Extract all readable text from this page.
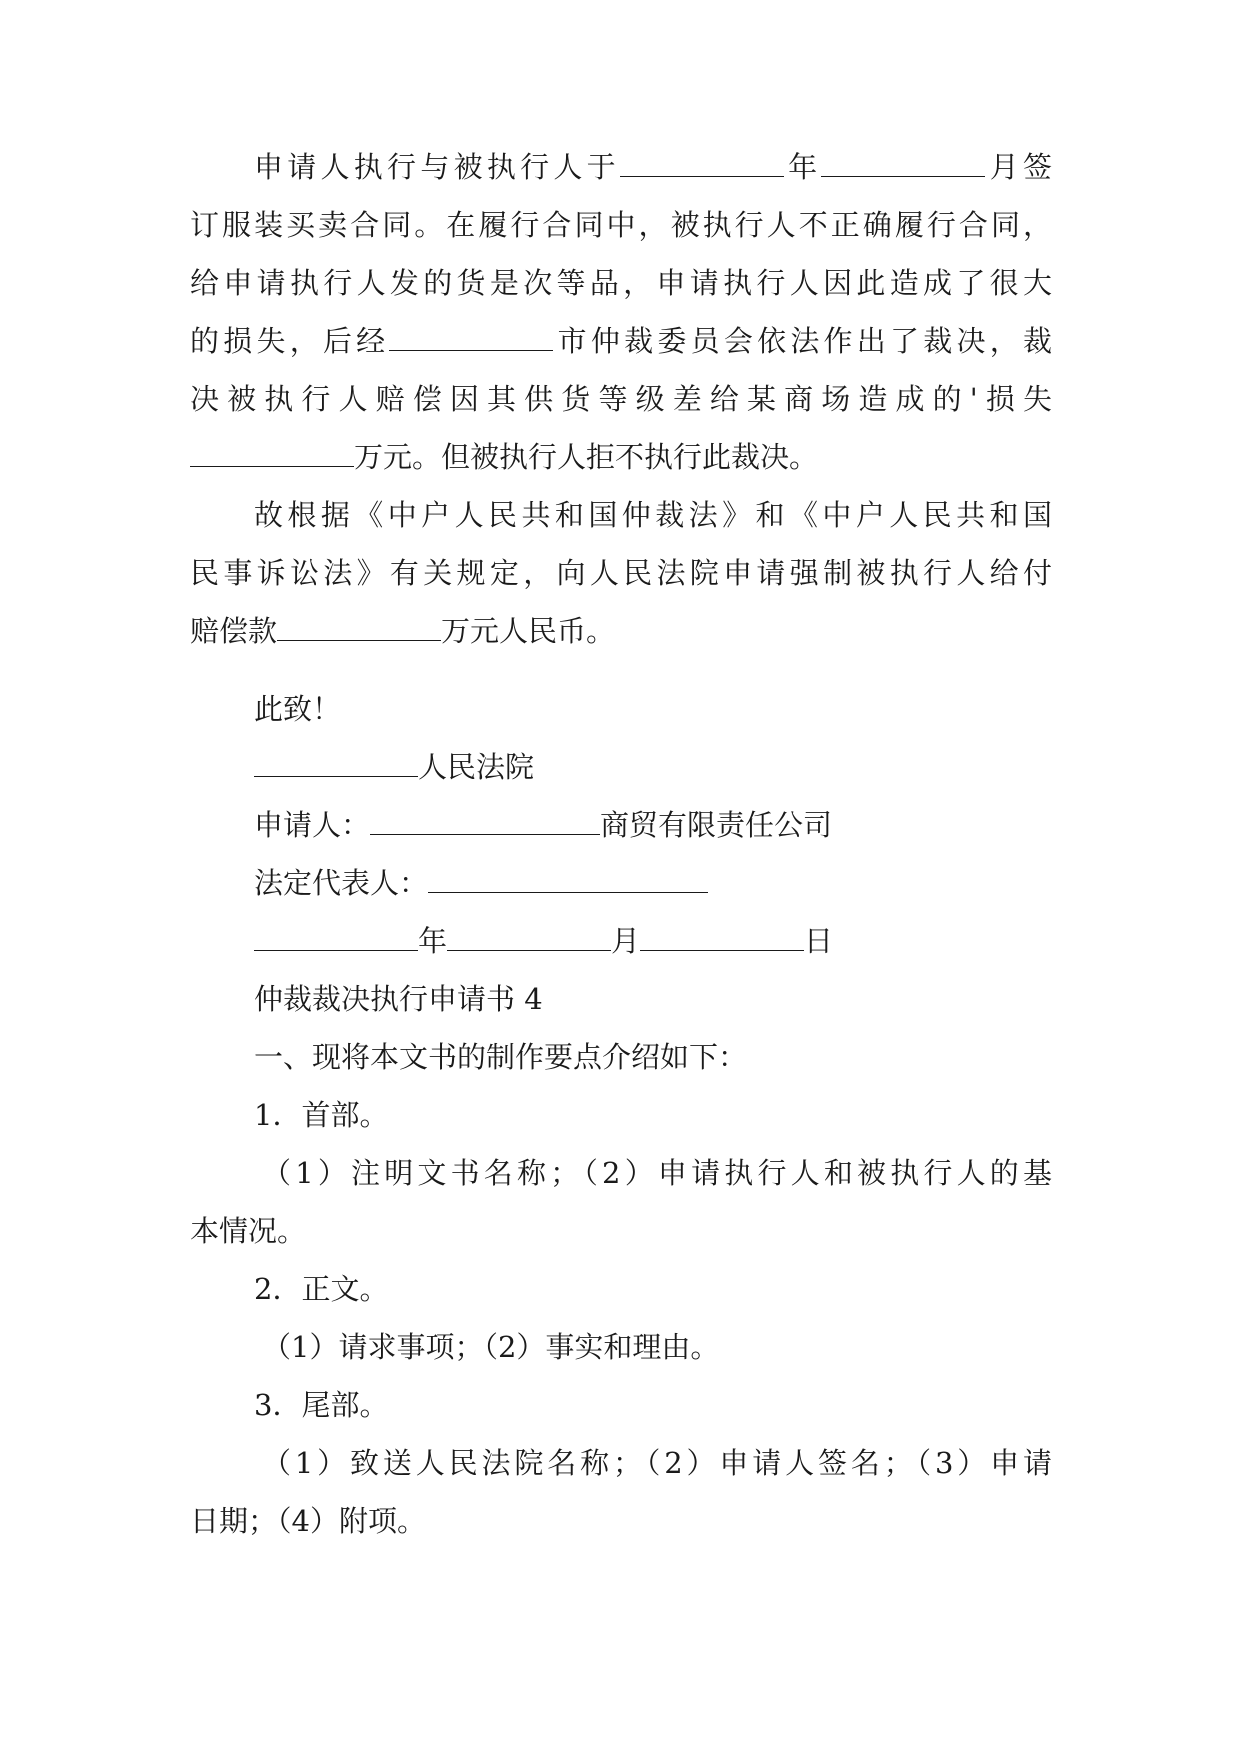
申请人执行与被执行人于	年	月签
订服装买卖合同。在履行合同中，被执行人不正确履行合同，
给申请执行人发的货是次等品，申请执行人因此造成了很大
的损失，后经	市仲裁委员会依法作出了裁决，裁
决被执行人赔偿因其供货等级差给某商场造成的'损失
万元。但被执行人拒不执行此裁决。
故根据《中户人民共和国仲裁法》和《中户人民共和国
民事诉讼法》有关规定，向人民法院申请强制被执行人给付
赔偿款	万元人民币。
此致！
人民法院
申请人：	商贸有限责任公司
法定代表人：
年	月	日
仲裁裁决执行申请书 4
一、现将本文书的制作要点介绍如下：
1．首部。
（1）注明文书名称；（2）申请执行人和被执行人的基
本情况。
2．正文。
（1）请求事项；（2）事实和理由。
3．尾部。
（1）致送人民法院名称；（2）申请人签名；（3）申请
日期；（4）附项。
